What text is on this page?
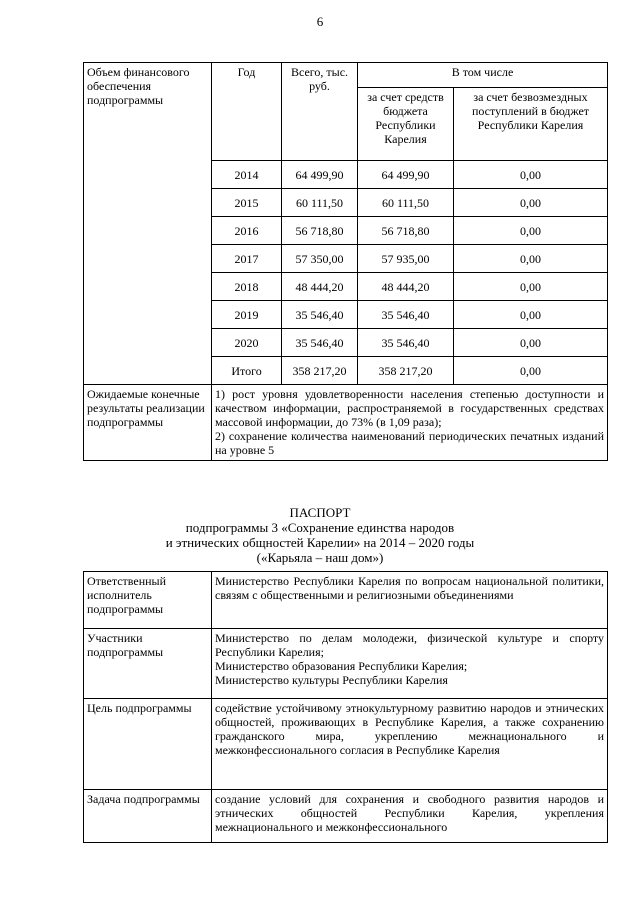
6
Объем финансового обеспечения подпрограммы	Год	Всего, тыс. руб.	В том числе	
			за счет средств бюджета Республики Карелия	за счет безвозмездных поступлений в бюджет Республики Карелия
	2014	64 499,90	64 499,90	0,00
	2015	60 111,50	60 111,50	0,00
	2016	56 718,80	56 718,80	0,00
	2017	57 350,00	57 935,00	0,00
	2018	48 444,20	48 444,20	0,00
	2019	35 546,40	35 546,40	0,00
	2020	35 546,40	35 546,40	0,00
	Итого	358 217,20	358 217,20	0,00
Ожидаемые конечные результаты реализации подпрограммы	1) рост уровня удовлетворенности населения степенью доступности и качеством информации, распространяемой в государственных средствах массовой информации, до 73% (в 1,09 раза);
2) сохранение количества наименований периодических печатных изданий на уровне 5			
ПАСПОРТ
подпрограммы 3 «Сохранение единства народов
и этнических общностей Карелии» на 2014 – 2020 годы
(«Карьяла – наш дом»)
Ответственный исполнитель подпрограммы	Министерство Республики Карелия по вопросам национальной политики, связям с общественными и религиозными объединениями

Участники подпрограммы	Министерство по делам молодежи, физической культуре и спорту Республики Карелия;
Министерство образования Республики Карелия;
Министерство культуры Республики Карелия

Цель подпрограммы	содействие устойчивому этнокультурному развитию народов и этнических общностей, проживающих в Республике Карелия, а также сохранению гражданского мира, укреплению межнационального и межконфессионального согласия в Республике Карелия

Задача подпрограммы	создание условий для сохранения и свободного развития народов и этнических общностей Республики Карелия, укрепления межнационального и межконфессионального
